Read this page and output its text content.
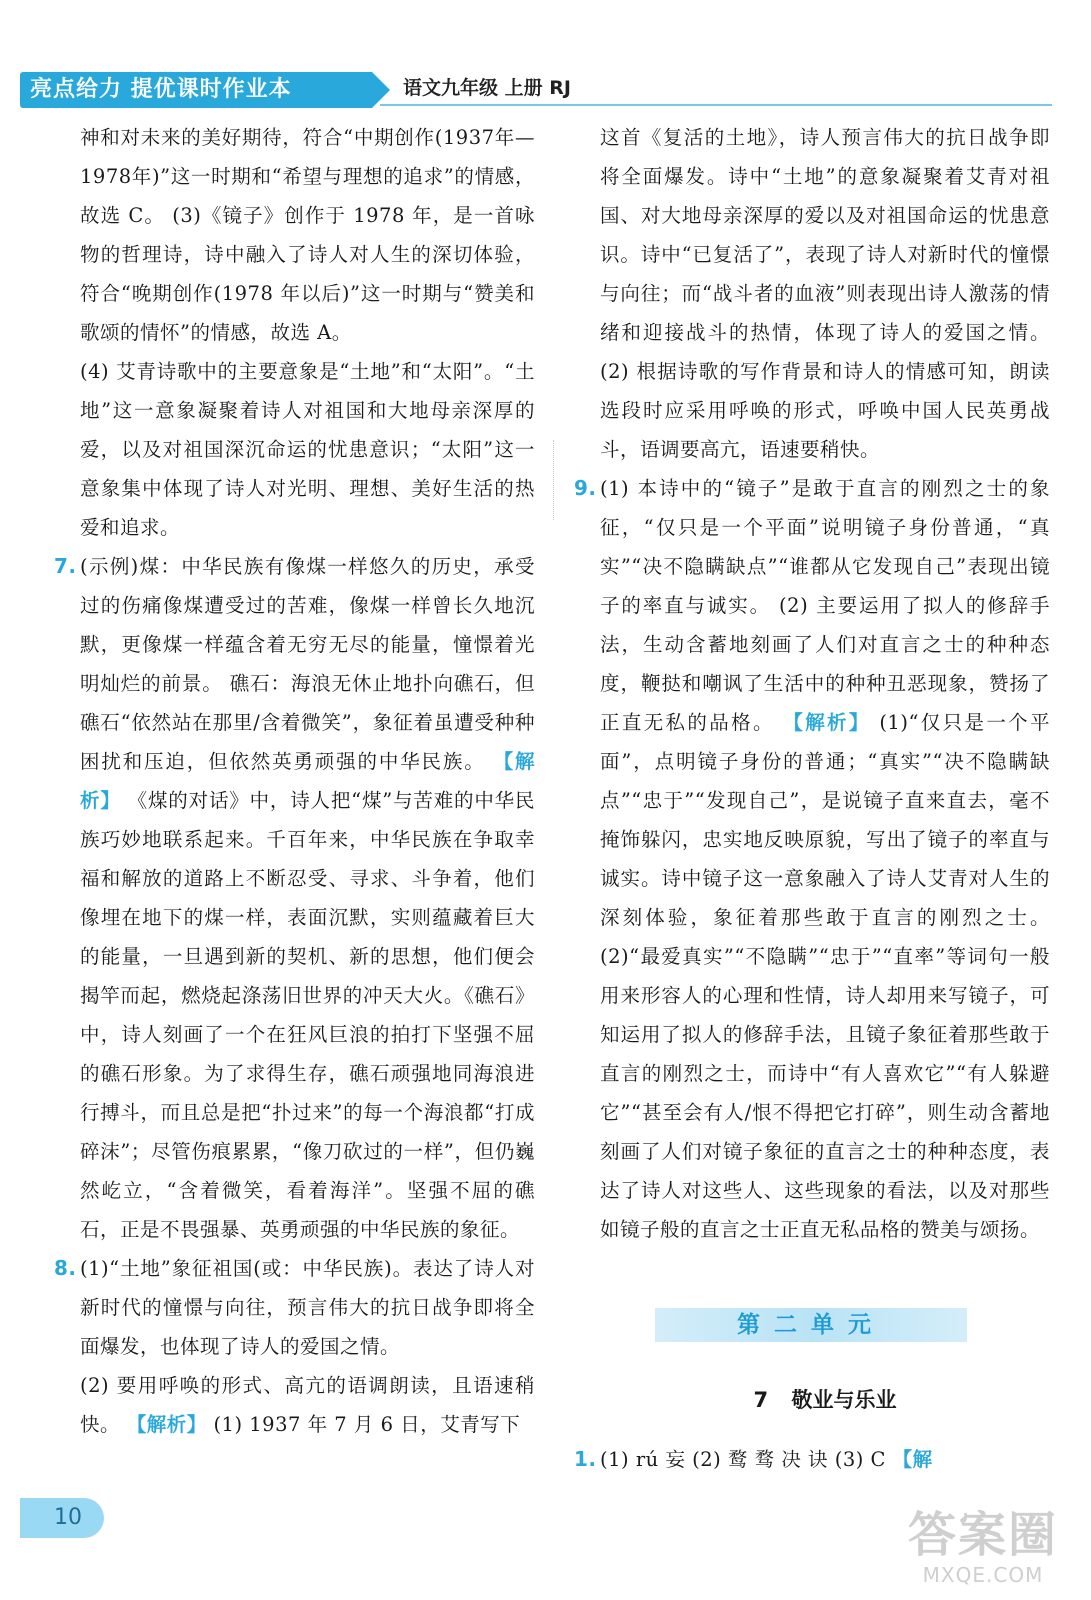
亮点给力 提优课时作业本	语文九年级 上册 RJ

神和对未来的美好期待，符合“中期创作(1937年—1978年)”这一时期和“希望与理想的追求”的情感，故选 C。 (3)《镜子》创作于 1978 年，是一首咏物的哲理诗，诗中融入了诗人对人生的深切体验，符合“晚期创作(1978 年以后)”这一时期与“赞美和歌颂的情怀”的情感，故选 A。

(4) 艾青诗歌中的主要意象是“土地”和“太阳”。“土地”这一意象凝聚着诗人对祖国和大地母亲深厚的爱，以及对祖国深沉命运的忧患意识；“太阳”这一意象集中体现了诗人对光明、理想、美好生活的热爱和追求。

7. (示例)煤：中华民族有像煤一样悠久的历史，承受过的伤痛像煤遭受过的苦难，像煤一样曾长久地沉默，更像煤一样蕴含着无穷无尽的能量，憧憬着光明灿烂的前景。 礁石：海浪无休止地扑向礁石，但礁石“依然站在那里/含着微笑”，象征着虽遭受种种困扰和压迫，但依然英勇顽强的中华民族。 【解析】 《煤的对话》中，诗人把“煤”与苦难的中华民族巧妙地联系起来。千百年来，中华民族在争取幸福和解放的道路上不断忍受、寻求、斗争着，他们像埋在地下的煤一样，表面沉默，实则蕴藏着巨大的能量，一旦遇到新的契机、新的思想，他们便会揭竿而起，燃烧起涤荡旧世界的冲天大火。《礁石》中，诗人刻画了一个在狂风巨浪的拍打下坚强不屈的礁石形象。为了求得生存，礁石顽强地同海浪进行搏斗，而且总是把“扑过来”的每一个海浪都“打成碎沫”；尽管伤痕累累，“像刀砍过的一样”，但仍巍然屹立，“含着微笑，看着海洋”。坚强不屈的礁石，正是不畏强暴、英勇顽强的中华民族的象征。

8. (1)“土地”象征祖国(或：中华民族)。表达了诗人对新时代的憧憬与向往，预言伟大的抗日战争即将全面爆发，也体现了诗人的爱国之情。

(2) 要用呼唤的形式、高亢的语调朗读，且语速稍快。 【解析】 (1) 1937 年 7 月 6 日，艾青写下

这首《复活的土地》，诗人预言伟大的抗日战争即将全面爆发。诗中“土地”的意象凝聚着艾青对祖国、对大地母亲深厚的爱以及对祖国命运的忧患意识。诗中“已复活了”，表现了诗人对新时代的憧憬与向往；而“战斗者的血液”则表现出诗人激荡的情绪和迎接战斗的热情，体现了诗人的爱国之情。 (2) 根据诗歌的写作背景和诗人的情感可知，朗读选段时应采用呼唤的形式，呼唤中国人民英勇战斗，语调要高亢，语速要稍快。

9. (1) 本诗中的“镜子”是敢于直言的刚烈之士的象征，“仅只是一个平面”说明镜子身份普通，“真实”“决不隐瞒缺点”“谁都从它发现自己”表现出镜子的率直与诚实。 (2) 主要运用了拟人的修辞手法，生动含蓄地刻画了人们对直言之士的种种态度，鞭挞和嘲讽了生活中的种种丑恶现象，赞扬了正直无私的品格。 【解析】 (1)“仅只是一个平面”，点明镜子身份的普通；“真实”“决不隐瞒缺点”“忠于”“发现自己”，是说镜子直来直去，毫不掩饰躲闪，忠实地反映原貌，写出了镜子的率直与诚实。诗中镜子这一意象融入了诗人艾青对人生的深刻体验，象征着那些敢于直言的刚烈之士。 (2)“最爱真实”“不隐瞒”“忠于”“直率”等词句一般用来形容人的心理和性情，诗人却用来写镜子，可知运用了拟人的修辞手法，且镜子象征着那些敢于直言的刚烈之士，而诗中“有人喜欢它”“有人躲避它”“甚至会有人/恨不得把它打碎”，则生动含蓄地刻画了人们对镜子象征的直言之士的种种态度，表达了诗人对这些人、这些现象的看法，以及对那些如镜子般的直言之士正直无私品格的赞美与颂扬。

第二单元
7 敬业与乐业
1. (1) rú 妄 (2) 鹜 骛 决 诀 (3) C 【解

10	答案圈
MXQE.COM
